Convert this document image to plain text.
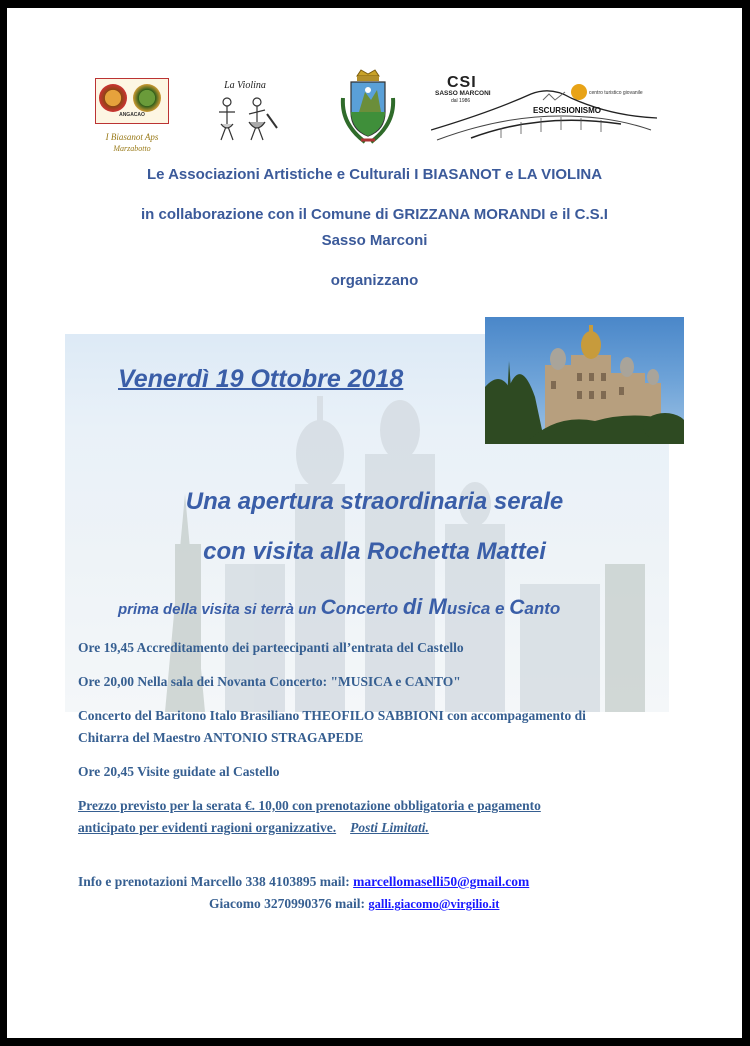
ANGACAO
I Biasanot Aps
Marzabotto
La Violina	CSI
SASSO MARCONI
dal 1986
centro turistico giovanile
ESCURSIONISMO
Le Associazioni Artistiche e Culturali I BIASANOT e LA VIOLINA
in collaborazione con il Comune di GRIZZANA MORANDI e il C.S.I
Sasso Marconi
organizzano
Venerdì 19 Ottobre 2018
Una apertura straordinaria serale
con visita alla Rochetta Mattei
prima della visita si terrà un Concerto di Musica e Canto
Ore 19,45 Accreditamento dei parteecipanti all’entrata del Castello
Ore 20,00 Nella sala dei Novanta Concerto: "MUSICA e CANTO"
Concerto del Baritono Italo Brasiliano THEOFILO SABBIONI con accompagamento di
Chitarra del Maestro ANTONIO STRAGAPEDE
Ore 20,45 Visite guidate al Castello
Prezzo previsto per la serata €. 10,00 con prenotazione obbligatoria e pagamento
anticipato per evidenti ragioni organizzative. Posti Limitati.
Info e prenotazioni Marcello 338 4103895 mail: marcellomaselli50@gmail.com
Giacomo 3270990376 mail: galli.giacomo@virgilio.it
